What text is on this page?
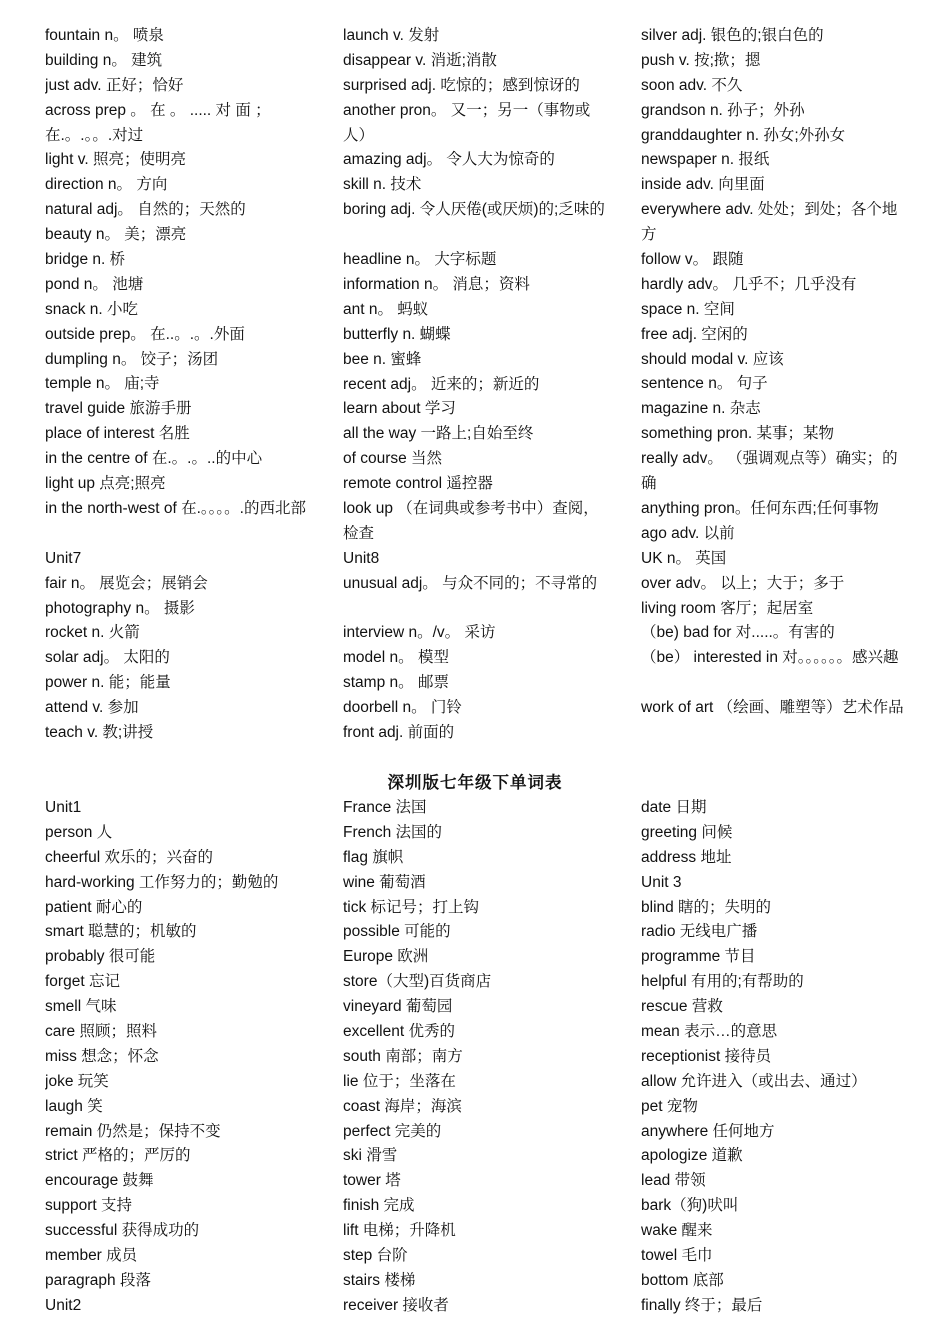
fountain n。 喷泉
building n。 建筑
just adv. 正好；恰好
across prep 。 在 。 ..... 对 面 ；在.。.。。.对过
light v. 照亮；使明亮
direction n。 方向
natural adj。 自然的；天然的
beauty n。 美；漂亮
bridge n. 桥
pond n。 池塘
snack n. 小吃
outside prep。 在..。.。.外面
dumpling n。 饺子；汤团
temple n。 庙;寺
travel guide 旅游手册
place of interest 名胜
in the centre of 在.。.。..的中心
light up 点亮;照亮
in the north-west of 在.。。。。.的西北部
Unit7
fair n。 展览会；展销会
photography n。 摄影
rocket n. 火箭
solar adj。 太阳的
power n. 能；能量
attend v. 参加
teach v. 教;讲授
launch v. 发射
disappear v. 消逝;消散
surprised adj. 吃惊的；感到惊讶的
another pron。 又一；另一（事物或人）
amazing adj。 令人大为惊奇的
skill n. 技术
boring adj. 令人厌倦(或厌烦)的;乏味的
headline n。 大字标题
information n。 消息；资料
ant n。 蚂蚁
butterfly n. 蝴蝶
bee n. 蜜蜂
recent adj。 近来的；新近的
learn about 学习
all the way 一路上;自始至终
of course 当然
remote control 遥控器
look up （在词典或参考书中）查阅，检查
Unit8
unusual adj。 与众不同的；不寻常的
interview n。/v。 采访
model n。 模型
stamp n。 邮票
doorbell n。 门铃
front adj. 前面的
silver adj. 银色的;银白色的
push v. 按;揿；摁
soon adv. 不久
grandson n. 孙子；外孙
granddaughter n. 孙女;外孙女
newspaper n. 报纸
inside adv. 向里面
everywhere adv. 处处；到处；各个地方
follow v。 跟随
hardly adv。 几乎不；几乎没有
space n. 空间
free adj. 空闲的
should modal v. 应该
sentence n。 句子
magazine n. 杂志
something pron. 某事；某物
really adv。 （强调观点等）确实；的确
anything pron。任何东西;任何事物
ago adv. 以前
UK n。 英国
over adv。 以上；大于；多于
living room 客厅；起居室
（be) bad for 对.....。有害的
（be） interested in 对。。。。。。感兴趣
work of art （绘画、雕塑等）艺术作品
深圳版七年级下单词表
Unit1
person 人
cheerful 欢乐的；兴奋的
hard-working 工作努力的；勤勉的
patient 耐心的
smart 聪慧的；机敏的
probably 很可能
forget 忘记
smell 气味
care 照顾；照料
miss 想念；怀念
joke 玩笑
laugh 笑
remain 仍然是；保持不变
strict 严格的；严厉的
encourage 鼓舞
support 支持
successful 获得成功的
member 成员
paragraph 段落
Unit2
France 法国
French 法国的
flag 旗帜
wine 葡萄酒
tick 标记号；打上钩
possible 可能的
Europe 欧洲
store（大型)百货商店
vineyard 葡萄园
excellent 优秀的
south 南部；南方
lie 位于；坐落在
coast 海岸；海滨
perfect 完美的
ski 滑雪
tower 塔
finish 完成
lift 电梯；升降机
step 台阶
stairs 楼梯
receiver 接收者
date 日期
greeting 问候
address 地址
Unit 3
blind 瞎的；失明的
radio 无线电广播
programme 节目
helpful 有用的;有帮助的
rescue 营救
mean 表示…的意思
receptionist 接待员
allow 允许进入（或出去、通过）
pet 宠物
anywhere 任何地方
apologize 道歉
lead 带领
bark（狗)吠叫
wake 醒来
towel 毛巾
bottom 底部
finally 终于；最后
